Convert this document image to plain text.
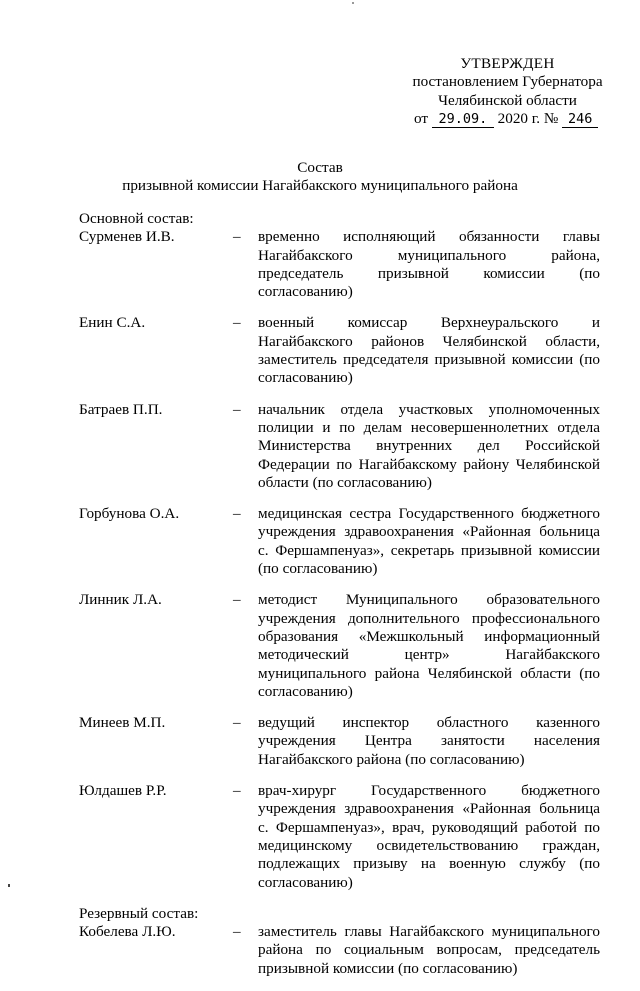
УТВЕРЖДЕН
постановлением Губернатора
Челябинской области
от 29.09. 2020 г. № 246
Состав
призывной комиссии Нагайбакского муниципального района
Основной состав:
Сурменев И.В.	–	временно исполняющий обязанности главы Нагайбакского муниципального района, председатель призывной комиссии (по согласованию)
Енин С.А.	–	военный комиссар Верхнеуральского и Нагайбакского районов Челябинской области, заместитель председателя призывной комиссии (по согласованию)
Батраев П.П.	–	начальник отдела участковых уполномоченных полиции и по делам несовершеннолетних отдела Министерства внутренних дел Российской Федерации по Нагайбакскому району Челябинской области (по согласованию)
Горбунова О.А.	–	медицинская сестра Государственного бюджетного учреждения здравоохранения «Районная больница с. Фершампенуаз», секретарь призывной комиссии (по согласованию)
Линник Л.А.	–	методист Муниципального образовательного учреждения дополнительного профессионального образования «Межшкольный информационный методический центр» Нагайбакского муниципального района Челябинской области (по согласованию)
Минеев М.П.	–	ведущий инспектор областного казенного учреждения Центра занятости населения Нагайбакского района (по согласованию)
Юлдашев Р.Р.	–	врач-хирург Государственного бюджетного учреждения здравоохранения «Районная больница с. Фершампенуаз», врач, руководящий работой по медицинскому освидетельствованию граждан, подлежащих призыву на военную службу (по согласованию)
Резервный состав:
Кобелева Л.Ю.	–	заместитель главы Нагайбакского муниципального района по социальным вопросам, председатель призывной комиссии (по согласованию)
